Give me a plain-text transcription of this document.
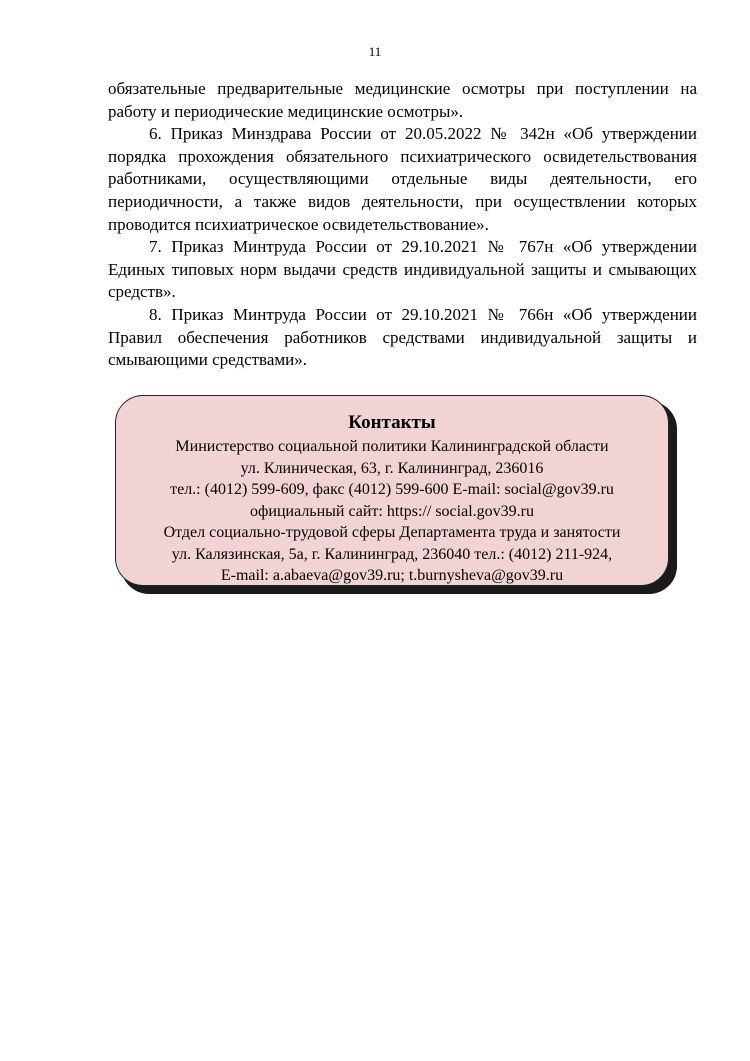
11

обязательные предварительные медицинские осмотры при поступлении на работу и периодические медицинские осмотры».

6. Приказ Минздрава России от 20.05.2022 № 342н «Об утверждении порядка прохождения обязательного психиатрического освидетельствования работниками, осуществляющими отдельные виды деятельности, его периодичности, а также видов деятельности, при осуществлении которых проводится психиатрическое освидетельствование».

7. Приказ Минтруда России от 29.10.2021 № 767н «Об утверждении Единых типовых норм выдачи средств индивидуальной защиты и смывающих средств».

8. Приказ Минтруда России от 29.10.2021 № 766н «Об утверждении Правил обеспечения работников средствами индивидуальной защиты и смывающими средствами».

Контакты

Министерство социальной политики Калининградской области

ул. Клиническая, 63, г. Калининград, 236016

тел.: (4012) 599-609, факс (4012) 599-600 E-mail: social@gov39.ru

официальный сайт: https:// social.gov39.ru

Отдел социально-трудовой сферы Департамента труда и занятости

ул. Калязинская, 5а, г. Калининград, 236040 тел.: (4012) 211-924,

E-mail: a.abaeva@gov39.ru; t.burnysheva@gov39.ru
